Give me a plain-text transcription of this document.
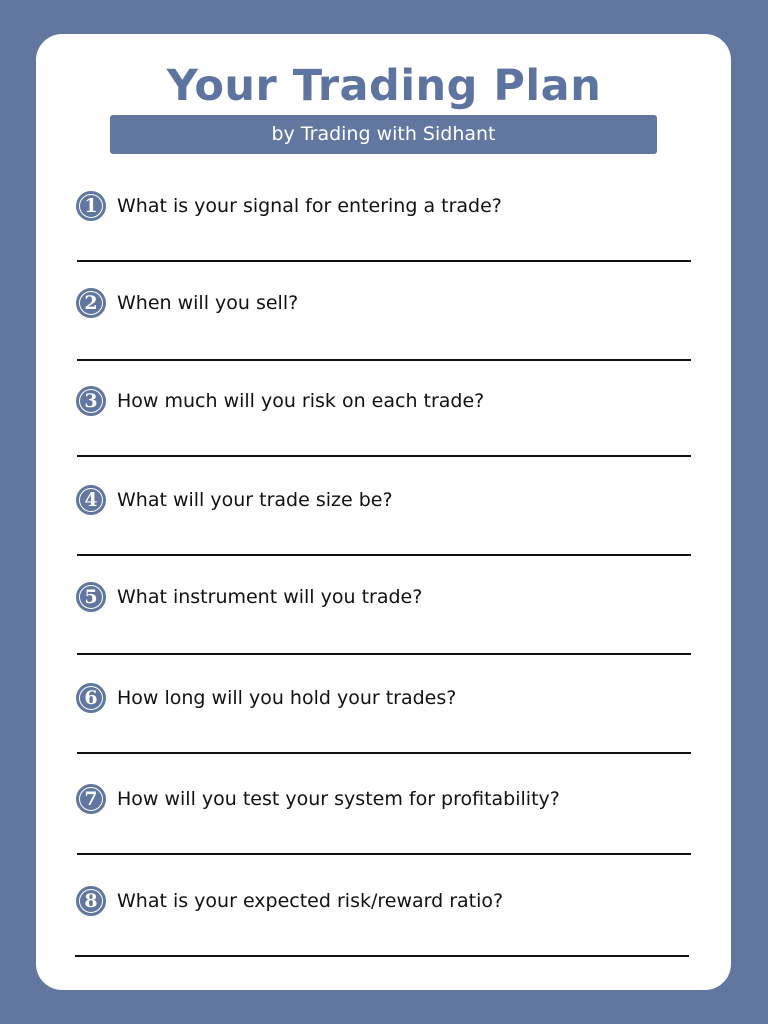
Your Trading Plan
by Trading with Sidhant
1	What is your signal for entering a trade?
2	When will you sell?
3	How much will you risk on each trade?
4	What will your trade size be?
5	What instrument will you trade?
6	How long will you hold your trades?
7	How will you test your system for profitability?
8	What is your expected risk/reward ratio?
